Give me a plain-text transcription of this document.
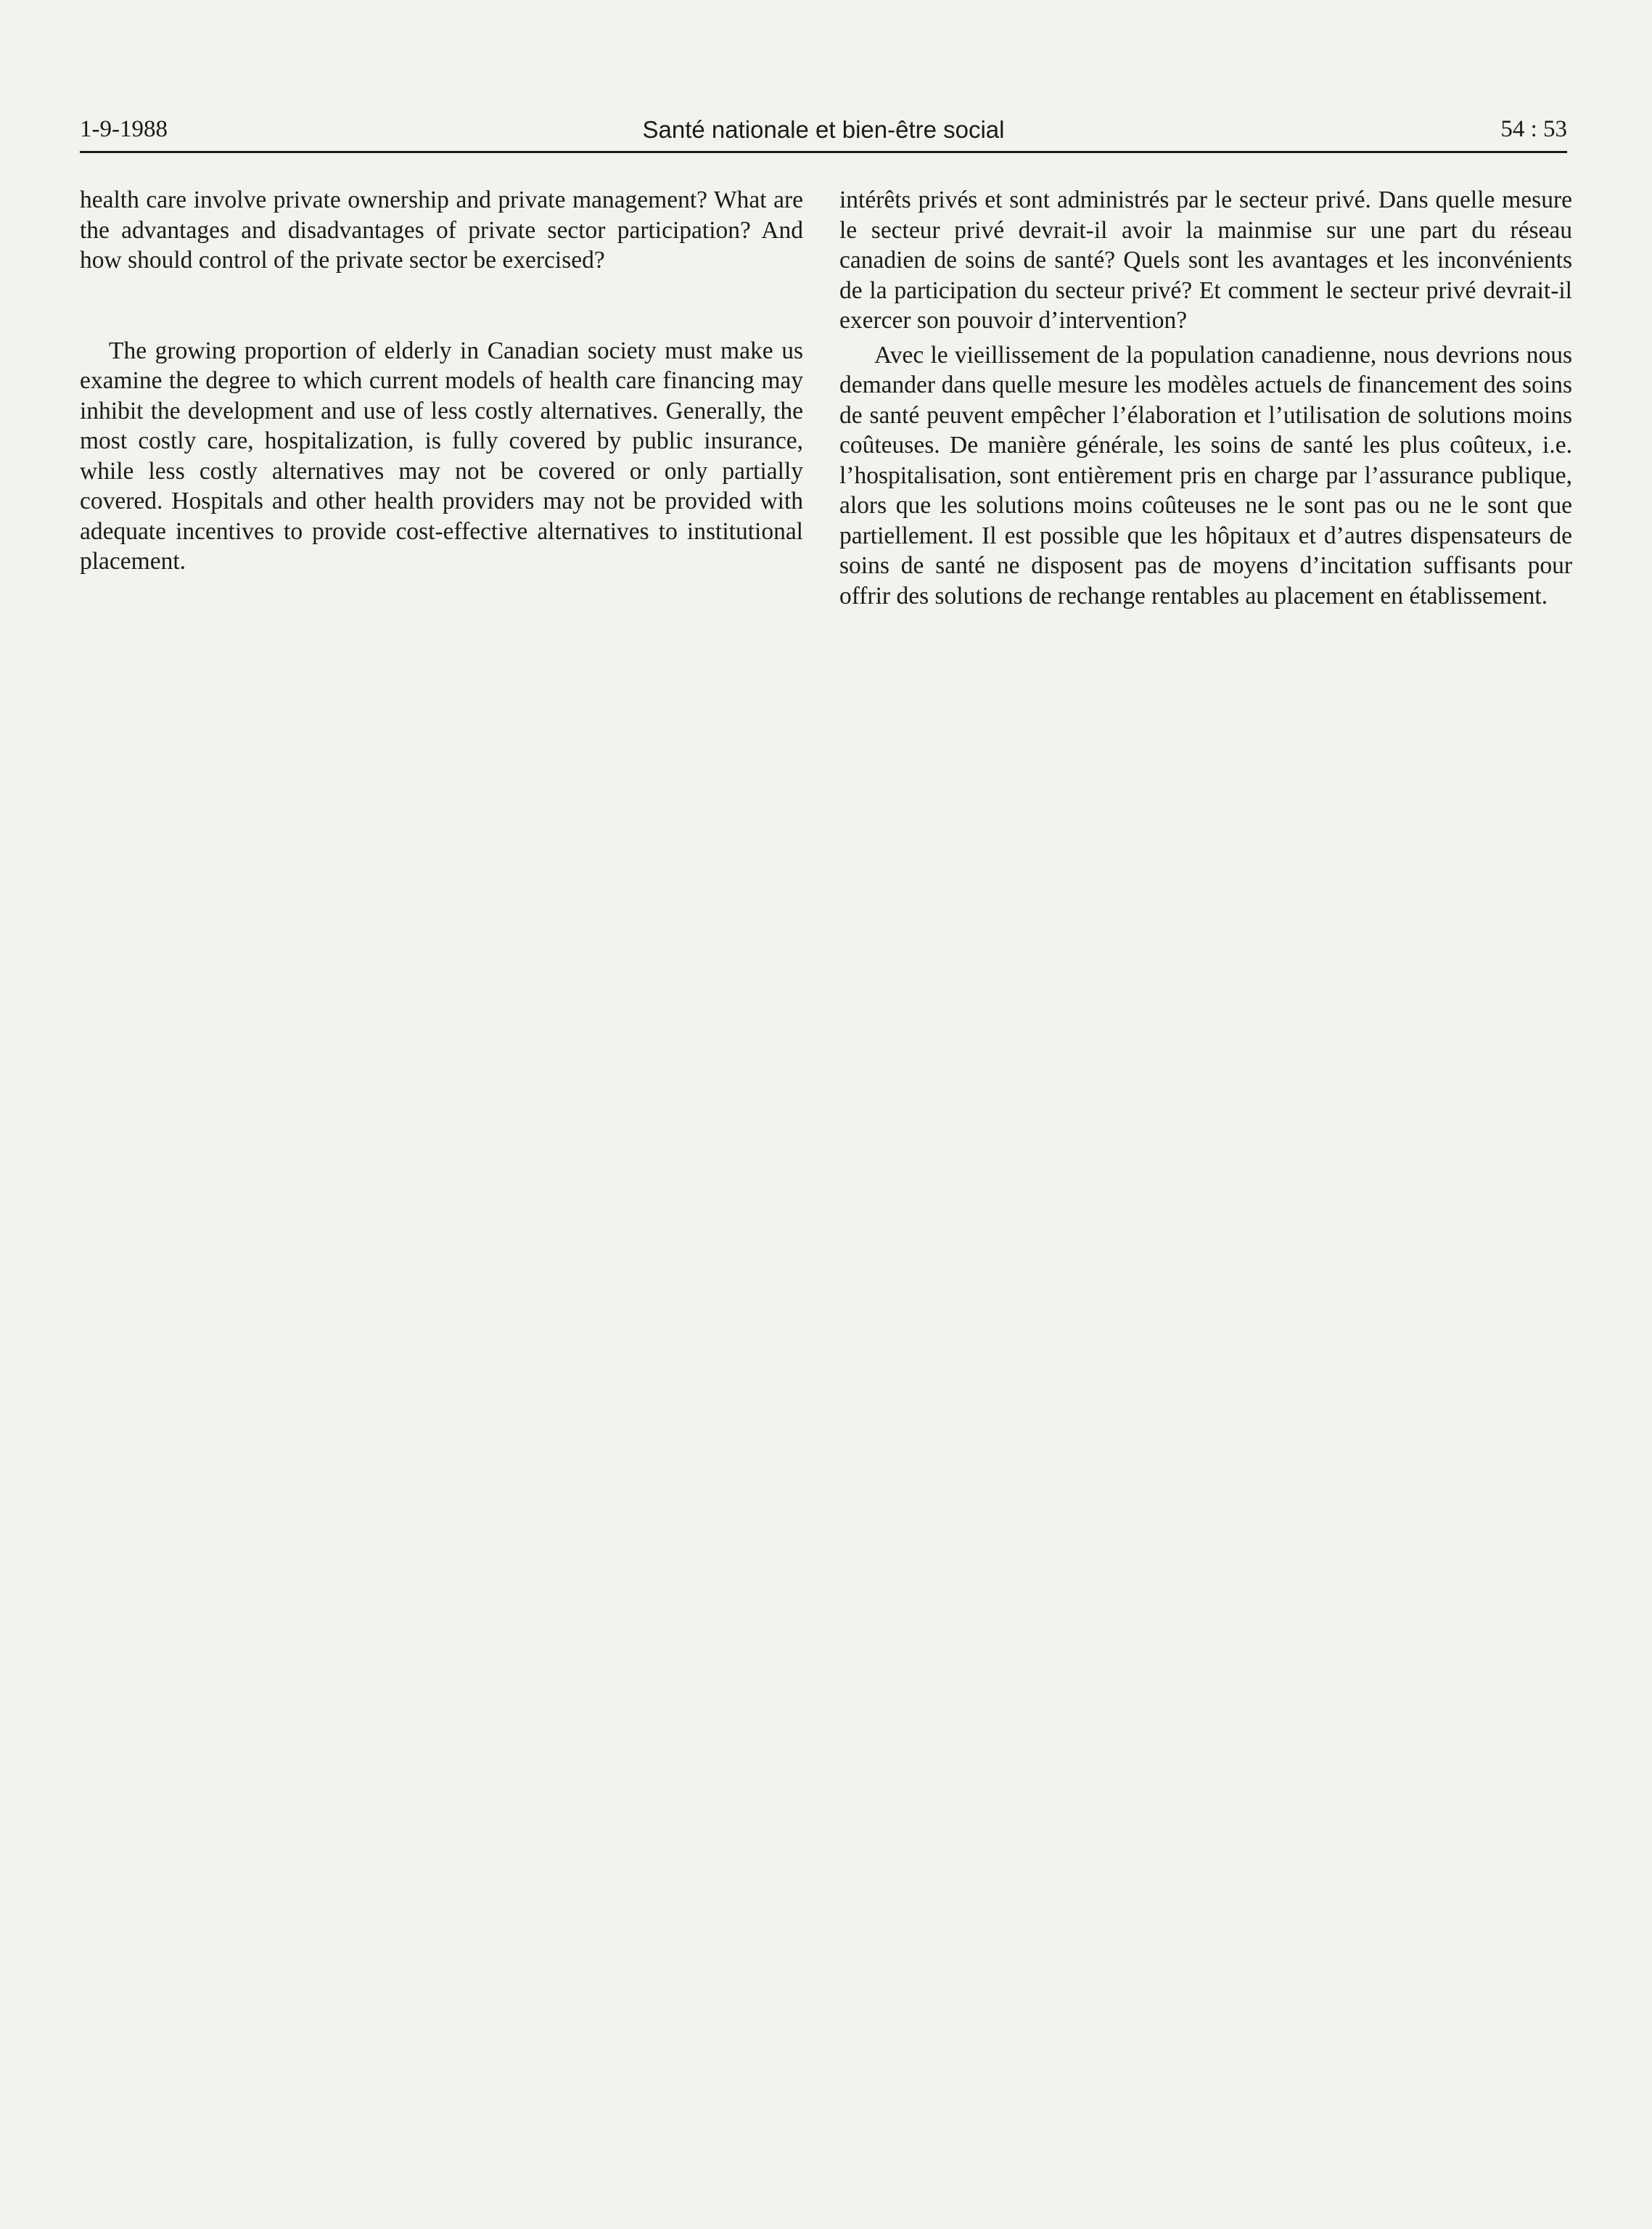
1-9-1988	Santé nationale et bien-être social	54 : 53

health care involve private ownership and private management? What are the advantages and disadvantages of private sector participation? And how should control of the private sector be exercised?

The growing proportion of elderly in Canadian society must make us examine the degree to which current models of health care financing may inhibit the development and use of less costly alternatives. Generally, the most costly care, hospitalization, is fully covered by public insurance, while less costly alternatives may not be covered or only partially covered. Hospitals and other health providers may not be provided with adequate incentives to provide cost-effective alternatives to institutional placement.

intérêts privés et sont administrés par le secteur privé. Dans quelle mesure le secteur privé devrait-il avoir la mainmise sur une part du réseau canadien de soins de santé? Quels sont les avantages et les inconvénients de la participation du secteur privé? Et comment le secteur privé devrait-il exercer son pouvoir d’intervention?

Avec le vieillissement de la population canadienne, nous devrions nous demander dans quelle mesure les modèles actuels de financement des soins de santé peuvent empêcher l’élaboration et l’utilisation de solutions moins coûteuses. De manière générale, les soins de santé les plus coûteux, i.e. l’hospitalisation, sont entièrement pris en charge par l’assurance publique, alors que les solutions moins coûteuses ne le sont pas ou ne le sont que partiellement. Il est possible que les hôpitaux et d’autres dispensateurs de soins de santé ne disposent pas de moyens d’incitation suffisants pour offrir des solutions de rechange rentables au placement en établissement.
